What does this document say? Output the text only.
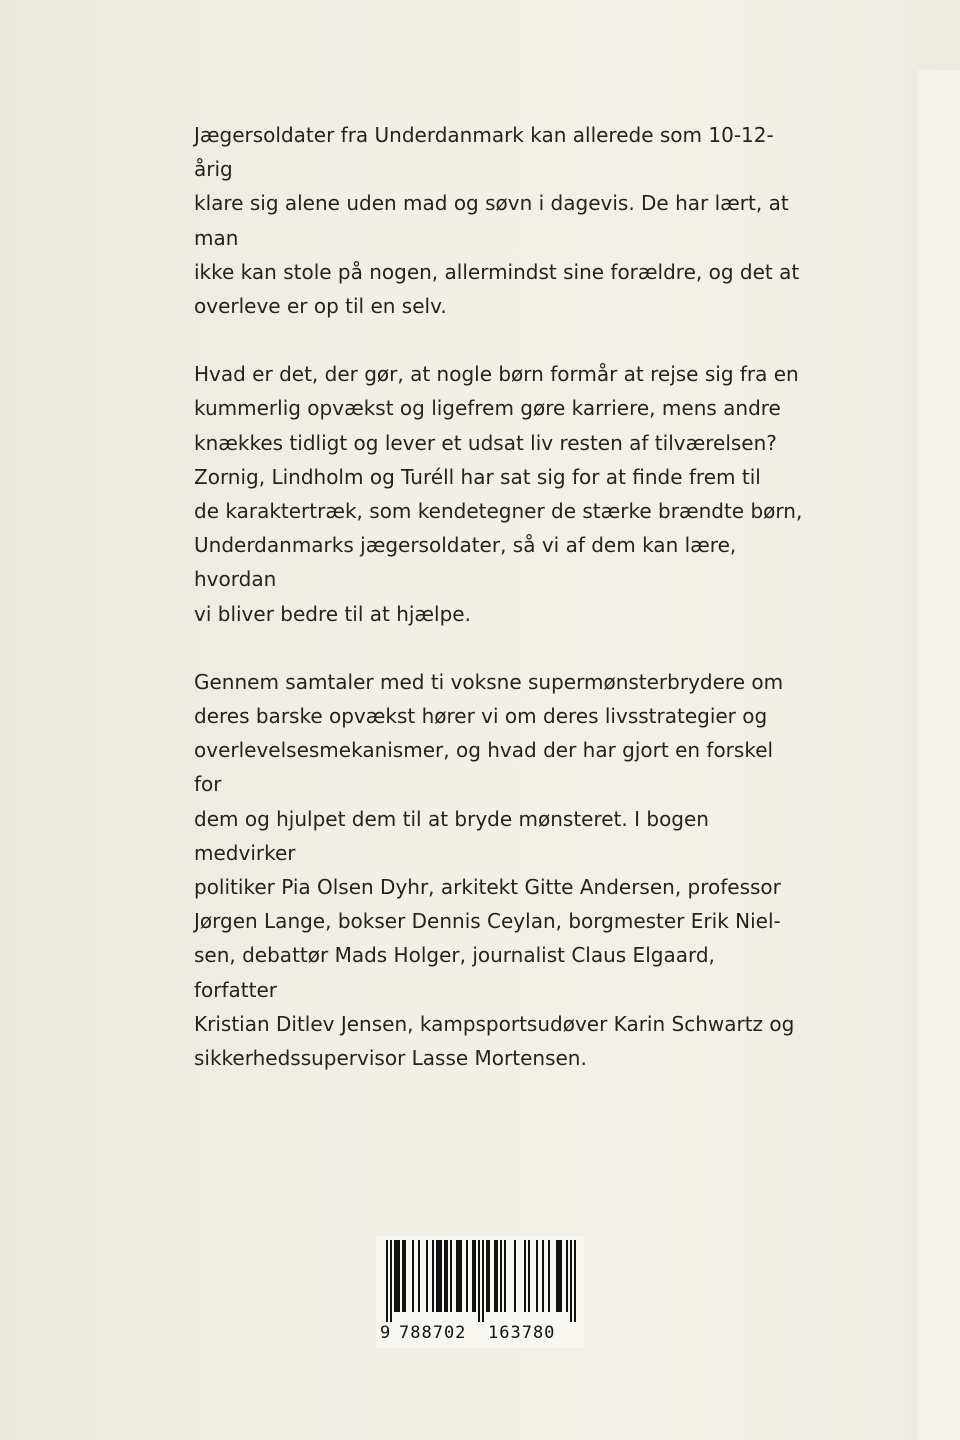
Jægersoldater fra Underdanmark kan allerede som 10-12-årig
klare sig alene uden mad og søvn i dagevis. De har lært, at man
ikke kan stole på nogen, allermindst sine forældre, og det at
overleve er op til en selv.

Hvad er det, der gør, at nogle børn formår at rejse sig fra en
kummerlig opvækst og ligefrem gøre karriere, mens andre
knækkes tidligt og lever et udsat liv resten af tilværelsen?
Zornig, Lindholm og Turéll har sat sig for at finde frem til
de karaktertræk, som kendetegner de stærke brændte børn,
Underdanmarks jægersoldater, så vi af dem kan lære, hvordan
vi bliver bedre til at hjælpe.

Gennem samtaler med ti voksne supermønsterbrydere om
deres barske opvækst hører vi om deres livsstrategier og
overlevelsesmekanismer, og hvad der har gjort en forskel for
dem og hjulpet dem til at bryde mønsteret. I bogen medvirker
politiker Pia Olsen Dyhr, arkitekt Gitte Andersen, professor
Jørgen Lange, bokser Dennis Ceylan, borgmester Erik Niel-
sen, debattør Mads Holger, journalist Claus Elgaard, forfatter
Kristian Ditlev Jensen, kampsportsudøver Karin Schwartz og
sikkerhedssupervisor Lasse Mortensen.

9 788702 163780
